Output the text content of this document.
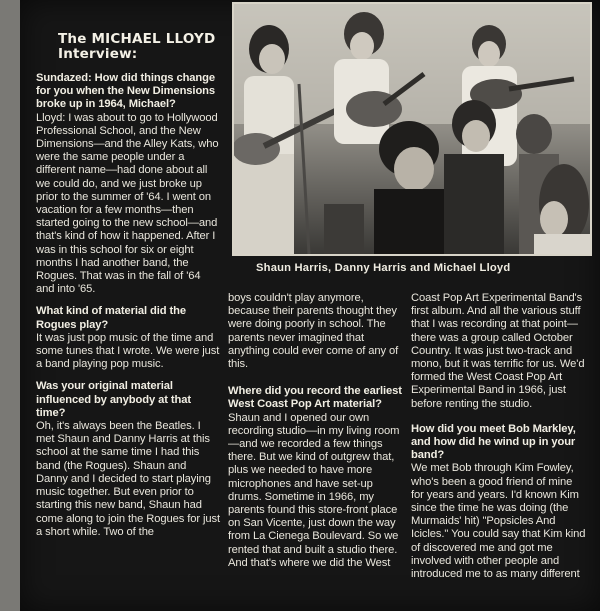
Shaun Harris, Danny Harris and Michael Lloyd
The MICHAEL LLOYD
Interview:

Sundazed: How did things change for you when the New Dimensions broke up in 1964, Michael?

Lloyd: I was about to go to Hollywood Professional School, and the New Dimensions—and the Alley Kats, who were the same people under a different name—had done about all we could do, and we just broke up prior to the summer of '64. I went on vacation for a few months—then started going to the new school—and that's kind of how it happened. After I was in this school for six or eight months I had another band, the Rogues. That was in the fall of '64 and into '65.

What kind of material did the Rogues play?

It was just pop music of the time and some tunes that I wrote. We were just a band playing pop music.

Was your original material influenced by anybody at that time?

Oh, it's always been the Beatles. I met Shaun and Danny Harris at this school at the same time I had this band (the Rogues). Shaun and Danny and I decided to start playing music together. But even prior to starting this new band, Shaun had come along to join the Rogues for just a short while. Two of the

boys couldn't play anymore, because their parents thought they were doing poorly in school. The parents never imagined that anything could ever come of any of this.

Where did you record the earliest West Coast Pop Art material?

Shaun and I opened our own recording studio—in my living room—and we recorded a few things there. But we kind of outgrew that, plus we needed to have more microphones and have set-up drums. Sometime in 1966, my parents found this store-front place on San Vicente, just down the way from La Cienega Boulevard. So we rented that and built a studio there. And that's where we did the West

Coast Pop Art Experimental Band's first album. And all the various stuff that I was recording at that point—there was a group called October Country. It was just two-track and mono, but it was terrific for us. We'd formed the West Coast Pop Art Experimental Band in 1966, just before renting the studio.

How did you meet Bob Markley, and how did he wind up in your band?

We met Bob through Kim Fowley, who's been a good friend of mine for years and years. I'd known Kim since the time he was doing (the Murmaids' hit) "Popsicles And Icicles." You could say that Kim kind of discovered me and got me involved with other people and introduced me to as many different
